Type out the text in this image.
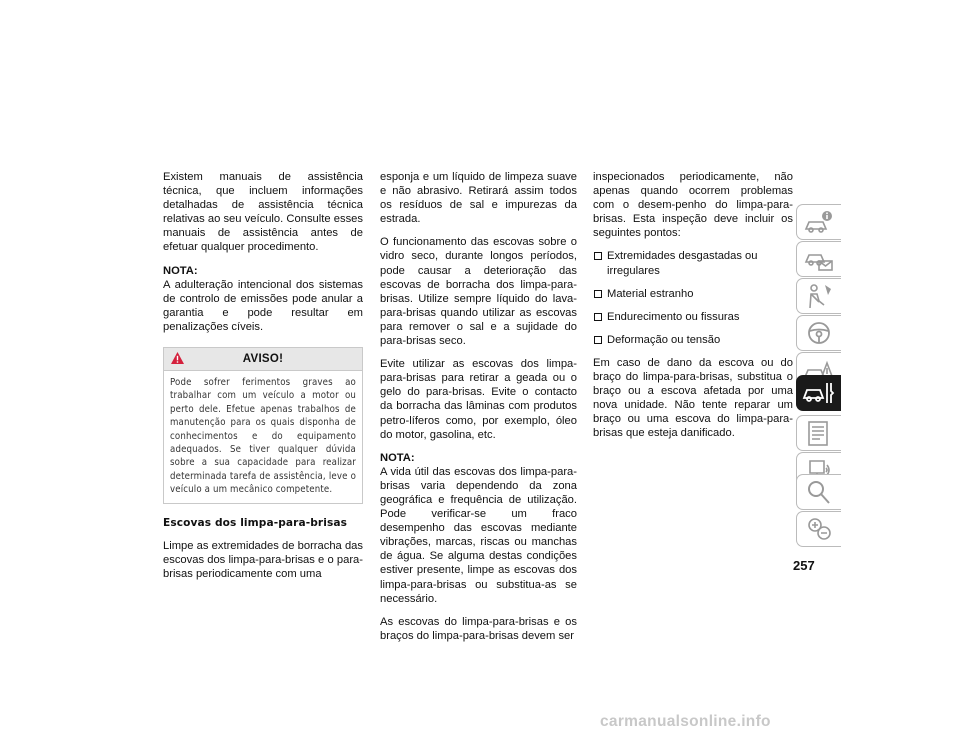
Existem manuais de assistência técnica, que incluem informações detalhadas de assistência técnica relativas ao seu veículo. Consulte esses manuais de assistência antes de efetuar qualquer procedimento.

NOTA:
A adulteração intencional dos sistemas de controlo de emissões pode anular a garantia e pode resultar em penalizações cíveis.

AVISO!
Pode sofrer ferimentos graves ao trabalhar com um veículo a motor ou perto dele. Efetue apenas trabalhos de manutenção para os quais disponha de conhecimentos e do equipamento adequados. Se tiver qualquer dúvida sobre a sua capacidade para realizar determinada tarefa de assistência, leve o veículo a um mecânico competente.
Escovas dos limpa-para-brisas

Limpe as extremidades de borracha das escovas dos limpa-para-brisas e o para-brisas periodicamente com uma

esponja e um líquido de limpeza suave e não abrasivo. Retirará assim todos os resíduos de sal e impurezas da estrada.

O funcionamento das escovas sobre o vidro seco, durante longos períodos, pode causar a deterioração das escovas de borracha dos limpa-para-brisas. Utilize sempre líquido do lava-para-brisas quando utilizar as escovas para remover o sal e a sujidade do para-brisas seco.

Evite utilizar as escovas dos limpa-para-brisas para retirar a geada ou o gelo do para-brisas. Evite o contacto da borracha das lâminas com produtos petro-líferos como, por exemplo, óleo do motor, gasolina, etc.

NOTA:
A vida útil das escovas dos limpa-para-brisas varia dependendo da zona geográfica e frequência de utilização. Pode verificar-se um fraco desempenho das escovas mediante vibrações, marcas, riscas ou manchas de água. Se alguma destas condições estiver presente, limpe as escovas dos limpa-para-brisas ou substitua-as se necessário.

As escovas do limpa-para-brisas e os braços do limpa-para-brisas devem ser

inspecionados periodicamente, não apenas quando ocorrem problemas com o desem-penho do limpa-para-brisas. Esta inspeção deve incluir os seguintes pontos:

Extremidades desgastadas ou irregulares
Material estranho
Endurecimento ou fissuras
Deformação ou tensão

Em caso de dano da escova ou do braço do limpa-para-brisas, substitua o braço ou a escova afetada por uma nova unidade. Não tente reparar um braço ou uma escova do limpa-para-brisas que esteja danificado.

257
carmanualsonline.info
